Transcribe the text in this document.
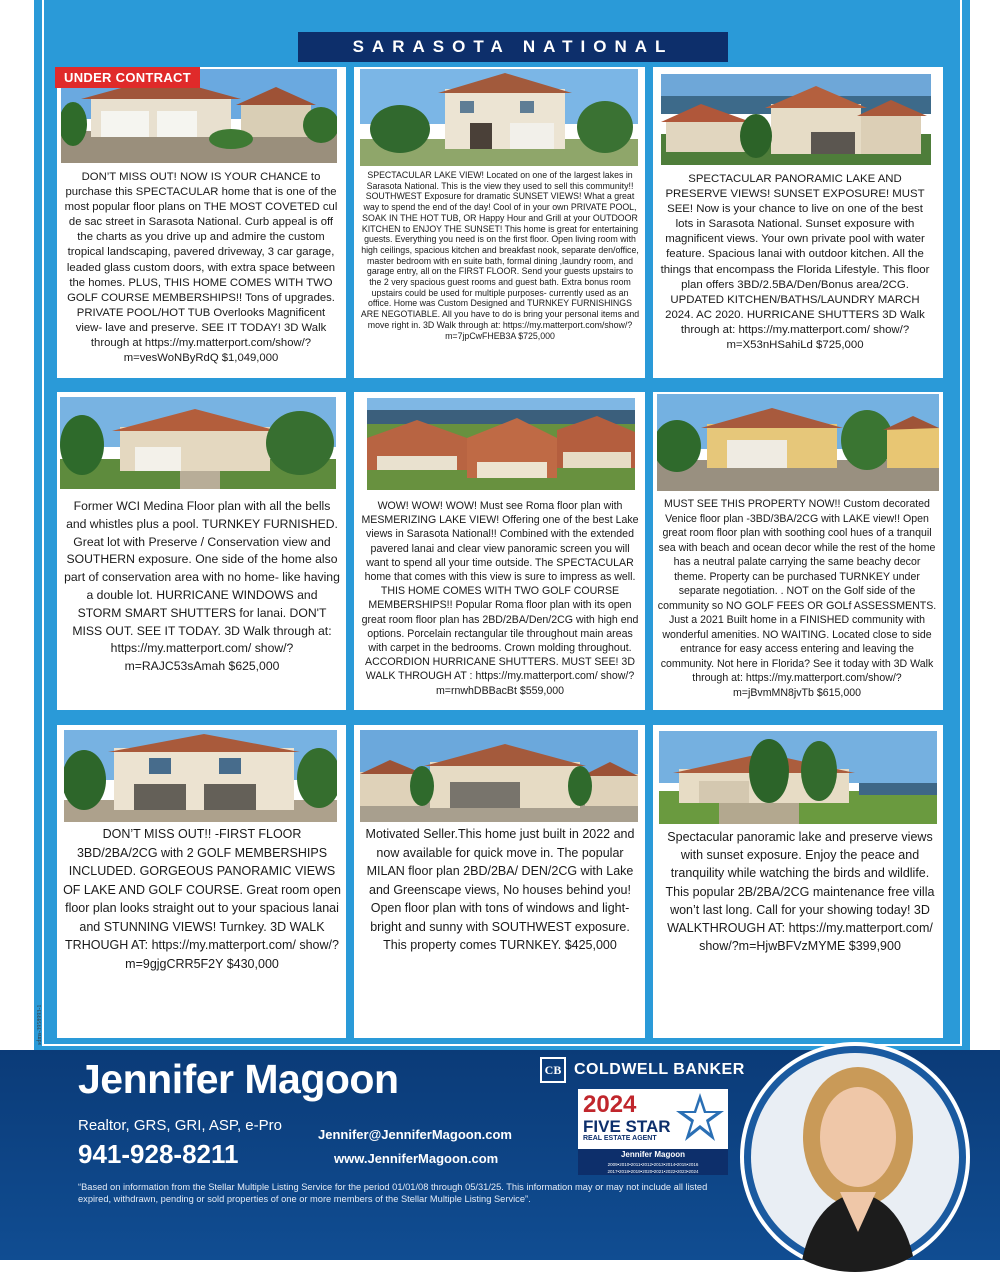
SARASOTA NATIONAL
UNDER CONTRACT
DON’T MISS OUT! NOW IS YOUR CHANCE to purchase this SPECTACULAR home that is one of the most popular floor plans on THE MOST COVETED cul de sac street in Sarasota National. Curb appeal is off the charts as you drive up and admire the custom tropical landscaping, pavered driveway, 3 car garage, leaded glass custom doors, with extra space between the homes. PLUS, THIS HOME COMES WITH TWO GOLF COURSE MEMBERSHIPS!! Tons of upgrades. PRIVATE POOL/HOT TUB Overlooks Magnificent view- lave and preserve. SEE IT TODAY! 3D Walk through at https://my.matterport.com/show/?m=vesWoNByRdQ $1,049,000
SPECTACULAR LAKE VIEW! Located on one of the largest lakes in Sarasota National. This is the view they used to sell this community!! SOUTHWEST Exposure for dramatic SUNSET VIEWS! What a great way to spend the end of the day! Cool of in your own PRIVATE POOL, SOAK IN THE HOT TUB, OR Happy Hour and Grill at your OUTDOOR KITCHEN to ENJOY THE SUNSET! This home is great for entertaining guests. Everything you need is on the first floor. Open living room with high ceilings, spacious kitchen and breakfast nook, separate den/office, master bedroom with en suite bath, formal dining ,laundry room, and garage entry, all on the FIRST FLOOR. Send your guests upstairs to the 2 very spacious guest rooms and guest bath. Extra bonus room upstairs could be used for multiple purposes- currently used as an office. Home was Custom Designed and TURNKEY FURNISHINGS ARE NEGOTIABLE. All you have to do is bring your personal items and move right in. 3D Walk through at: https://my.matterport.com/show/?m=7jpCwFHEB3A $725,000
SPECTACULAR PANORAMIC LAKE AND PRESERVE VIEWS! SUNSET EXPOSURE! MUST SEE! Now is your chance to live on one of the best lots in Sarasota National. Sunset exposure with magnificent views. Your own private pool with water feature. Spacious lanai with outdoor kitchen. All the things that encompass the Florida Lifestyle. This floor plan offers 3BD/2.5BA/Den/Bonus area/2CG. UPDATED KITCHEN/BATHS/LAUNDRY MARCH 2024. AC 2020. HURRICANE SHUTTERS 3D Walk through at: https://my.matterport.com/ show/?m=X53nHSahiLd $725,000
Former WCI Medina Floor plan with all the bells and whistles plus a pool. TURNKEY FURNISHED. Great lot with Preserve / Conservation view and SOUTHERN exposure. One side of the home also part of conservation area with no home- like having a double lot. HURRICANE WINDOWS and STORM SMART SHUTTERS for lanai. DON'T MISS OUT. SEE IT TODAY. 3D Walk through at: https://my.matterport.com/ show/?m=RAJC53sAmah $625,000
WOW! WOW! WOW! Must see Roma floor plan with MESMERIZING LAKE VIEW! Offering one of the best Lake views in Sarasota National!! Combined with the extended pavered lanai and clear view panoramic screen you will want to spend all your time outside. The SPECTACULAR home that comes with this view is sure to impress as well. THIS HOME COMES WITH TWO GOLF COURSE MEMBERSHIPS!! Popular Roma floor plan with its open great room floor plan has 2BD/2BA/Den/2CG with high end options. Porcelain rectangular tile throughout main areas with carpet in the bedrooms. Crown molding throughout. ACCORDION HURRICANE SHUTTERS. MUST SEE! 3D WALK THROUGH AT : https://my.matterport.com/ show/?m=rnwhDBBacBt $559,000
MUST SEE THIS PROPERTY NOW!! Custom decorated Venice floor plan -3BD/3BA/2CG with LAKE view!! Open great room floor plan with soothing cool hues of a tranquil sea with beach and ocean decor while the rest of the home has a neutral palate carrying the same beachy decor theme. Property can be purchased TURNKEY under separate negotiation. . NOT on the Golf side of the community so NO GOLF FEES OR GOLf ASSESSMENTS. Just a 2021 Built home in a FINISHED community with wonderful amenities. NO WAITING. Located close to side entrance for easy access entering and leaving the community. Not here in Florida? See it today with 3D Walk through at: https://my.matterport.com/show/?m=jBvmMN8jvTb $615,000
DON’T MISS OUT!! -FIRST FLOOR 3BD/2BA/2CG with 2 GOLF MEMBERSHIPS INCLUDED. GORGEOUS PANORAMIC VIEWS OF LAKE AND GOLF COURSE. Great room open floor plan looks straight out to your spacious lanai and STUNNING VIEWS! Turnkey. 3D WALK TRHOUGH AT: https://my.matterport.com/ show/?m=9gjgCRR5F2Y $430,000
Motivated Seller.This home just built in 2022 and now available for quick move in. The popular MILAN floor plan 2BD/2BA/ DEN/2CG with Lake and Greenscape views, No houses behind you! Open floor plan with tons of windows and light- bright and sunny with SOUTHWEST exposure. This property comes TURNKEY. $425,000
Spectacular panoramic lake and preserve views with sunset exposure. Enjoy the peace and tranquility while watching the birds and wildlife. This popular 2B/2BA/2CG maintenance free villa won’t last long. Call for your showing today! 3D WALKTHROUGH AT: https://my.matterport.com/ show/?m=HjwBFVzMYME $399,900
sdms-3958993-1
Jennifer Magoon
Realtor, GRS, GRI, ASP, e-Pro
941-928-8211
Jennifer@JenniferMagoon.com
www.JenniferMagoon.com
“Based on information from the Stellar Multiple Listing Service for the period 01/01/08 through 05/31/25. This information may or may not include all listed expired, withdrawn, pending or sold properties of one or more members of the Stellar Multiple Listing Service”.
CB COLDWELL BANKER
2024
FIVE STAR
REAL ESTATE AGENT
Jennifer Magoon
2009•2010•2011•2012•2013•2014•2015•2016
2017•2018•2019•2020•2021•2022•2023•2024
